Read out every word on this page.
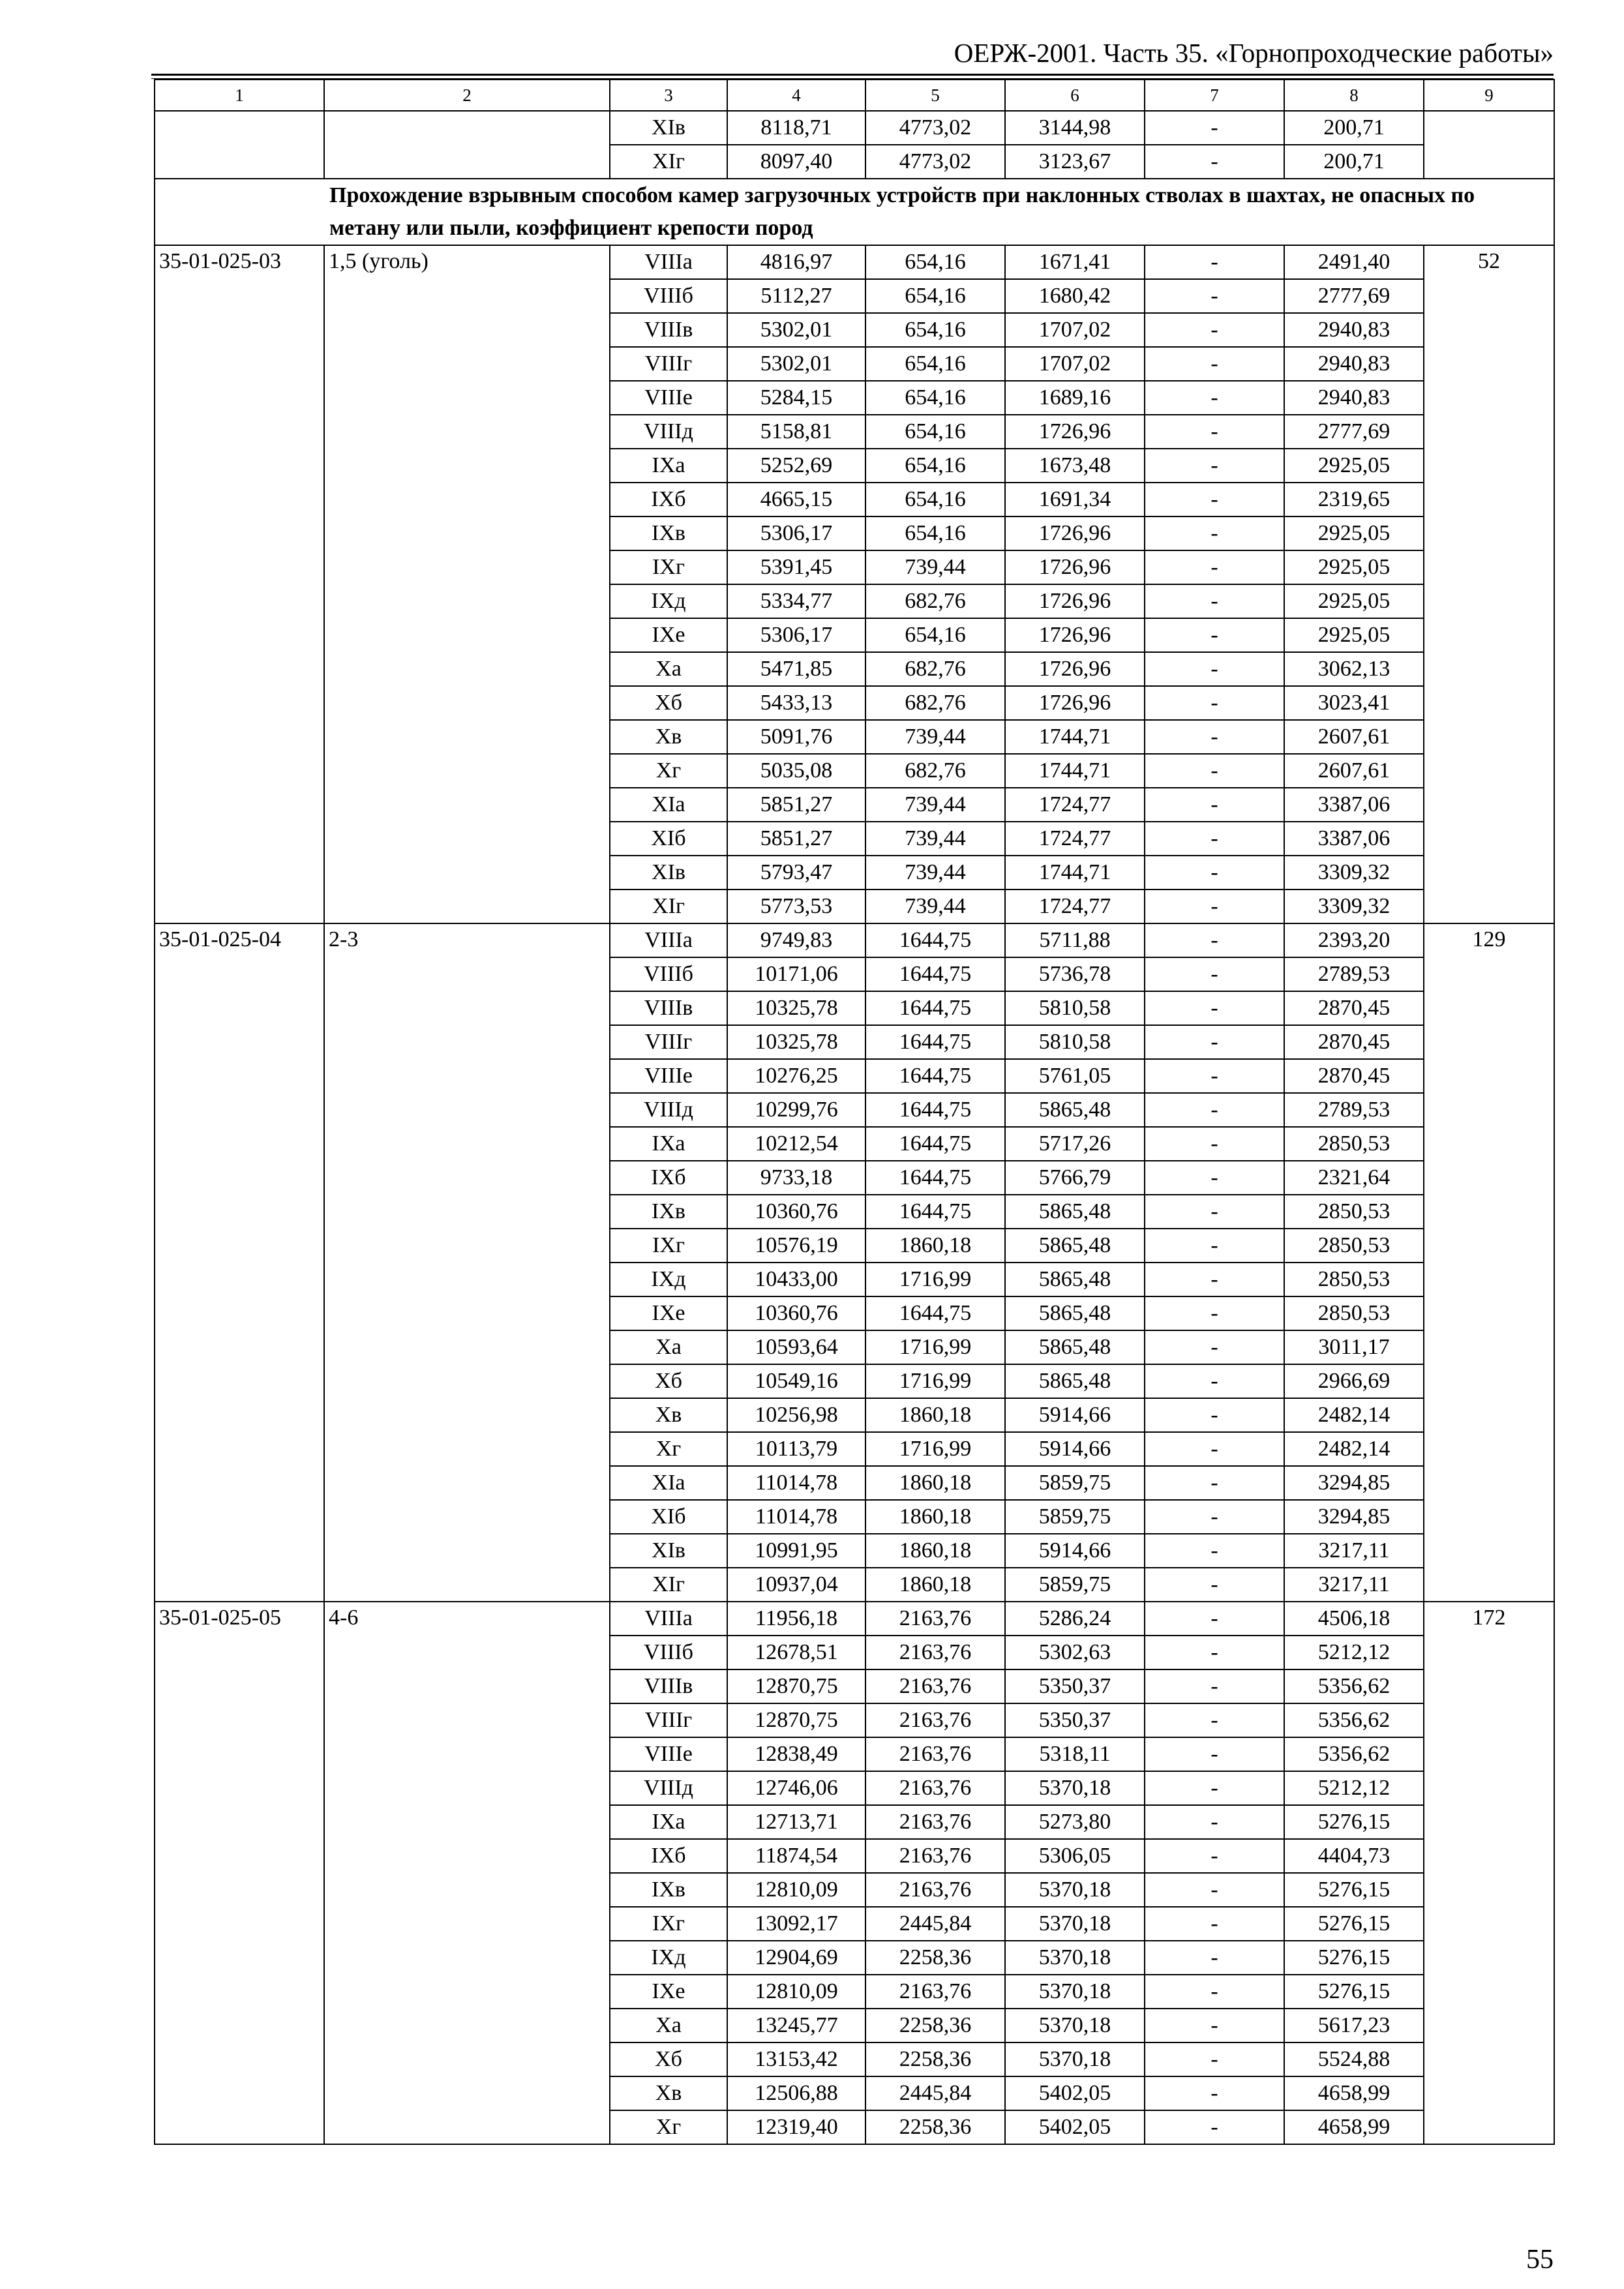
ОЕРЖ-2001. Часть 35. «Горнопроходческие работы»
1	2	3	4	5	6	7	8	9
		XIв	8118,71	4773,02	3144,98	-	200,71	
		XIг	8097,40	4773,02	3123,67	-	200,71	
	Прохождение взрывным способом камер загрузочных устройств при наклонных стволах в шахтах, не опасных по метану или пыли, коэффициент крепости пород							
35-01-025-03	1,5 (уголь)	VIIIа	4816,97	654,16	1671,41	-	2491,40	52
		VIIIб	5112,27	654,16	1680,42	-	2777,69	
		VIIIв	5302,01	654,16	1707,02	-	2940,83	
		VIIIг	5302,01	654,16	1707,02	-	2940,83	
		VIIIе	5284,15	654,16	1689,16	-	2940,83	
		VIIIд	5158,81	654,16	1726,96	-	2777,69	
		IXа	5252,69	654,16	1673,48	-	2925,05	
		IXб	4665,15	654,16	1691,34	-	2319,65	
		IXв	5306,17	654,16	1726,96	-	2925,05	
		IXг	5391,45	739,44	1726,96	-	2925,05	
		IXд	5334,77	682,76	1726,96	-	2925,05	
		IXе	5306,17	654,16	1726,96	-	2925,05	
		Xа	5471,85	682,76	1726,96	-	3062,13	
		Xб	5433,13	682,76	1726,96	-	3023,41	
		Xв	5091,76	739,44	1744,71	-	2607,61	
		Xг	5035,08	682,76	1744,71	-	2607,61	
		XIа	5851,27	739,44	1724,77	-	3387,06	
		XIб	5851,27	739,44	1724,77	-	3387,06	
		XIв	5793,47	739,44	1744,71	-	3309,32	
		XIг	5773,53	739,44	1724,77	-	3309,32	
35-01-025-04	2-3	VIIIа	9749,83	1644,75	5711,88	-	2393,20	129
		VIIIб	10171,06	1644,75	5736,78	-	2789,53	
		VIIIв	10325,78	1644,75	5810,58	-	2870,45	
		VIIIг	10325,78	1644,75	5810,58	-	2870,45	
		VIIIе	10276,25	1644,75	5761,05	-	2870,45	
		VIIIд	10299,76	1644,75	5865,48	-	2789,53	
		IXа	10212,54	1644,75	5717,26	-	2850,53	
		IXб	9733,18	1644,75	5766,79	-	2321,64	
		IXв	10360,76	1644,75	5865,48	-	2850,53	
		IXг	10576,19	1860,18	5865,48	-	2850,53	
		IXд	10433,00	1716,99	5865,48	-	2850,53	
		IXе	10360,76	1644,75	5865,48	-	2850,53	
		Xа	10593,64	1716,99	5865,48	-	3011,17	
		Xб	10549,16	1716,99	5865,48	-	2966,69	
		Xв	10256,98	1860,18	5914,66	-	2482,14	
		Xг	10113,79	1716,99	5914,66	-	2482,14	
		XIа	11014,78	1860,18	5859,75	-	3294,85	
		XIб	11014,78	1860,18	5859,75	-	3294,85	
		XIв	10991,95	1860,18	5914,66	-	3217,11	
		XIг	10937,04	1860,18	5859,75	-	3217,11	
35-01-025-05	4-6	VIIIа	11956,18	2163,76	5286,24	-	4506,18	172
		VIIIб	12678,51	2163,76	5302,63	-	5212,12	
		VIIIв	12870,75	2163,76	5350,37	-	5356,62	
		VIIIг	12870,75	2163,76	5350,37	-	5356,62	
		VIIIе	12838,49	2163,76	5318,11	-	5356,62	
		VIIIд	12746,06	2163,76	5370,18	-	5212,12	
		IXа	12713,71	2163,76	5273,80	-	5276,15	
		IXб	11874,54	2163,76	5306,05	-	4404,73	
		IXв	12810,09	2163,76	5370,18	-	5276,15	
		IXг	13092,17	2445,84	5370,18	-	5276,15	
		IXд	12904,69	2258,36	5370,18	-	5276,15	
		IXе	12810,09	2163,76	5370,18	-	5276,15	
		Xа	13245,77	2258,36	5370,18	-	5617,23	
		Xб	13153,42	2258,36	5370,18	-	5524,88	
		Xв	12506,88	2445,84	5402,05	-	4658,99	
		Xг	12319,40	2258,36	5402,05	-	4658,99	
55
